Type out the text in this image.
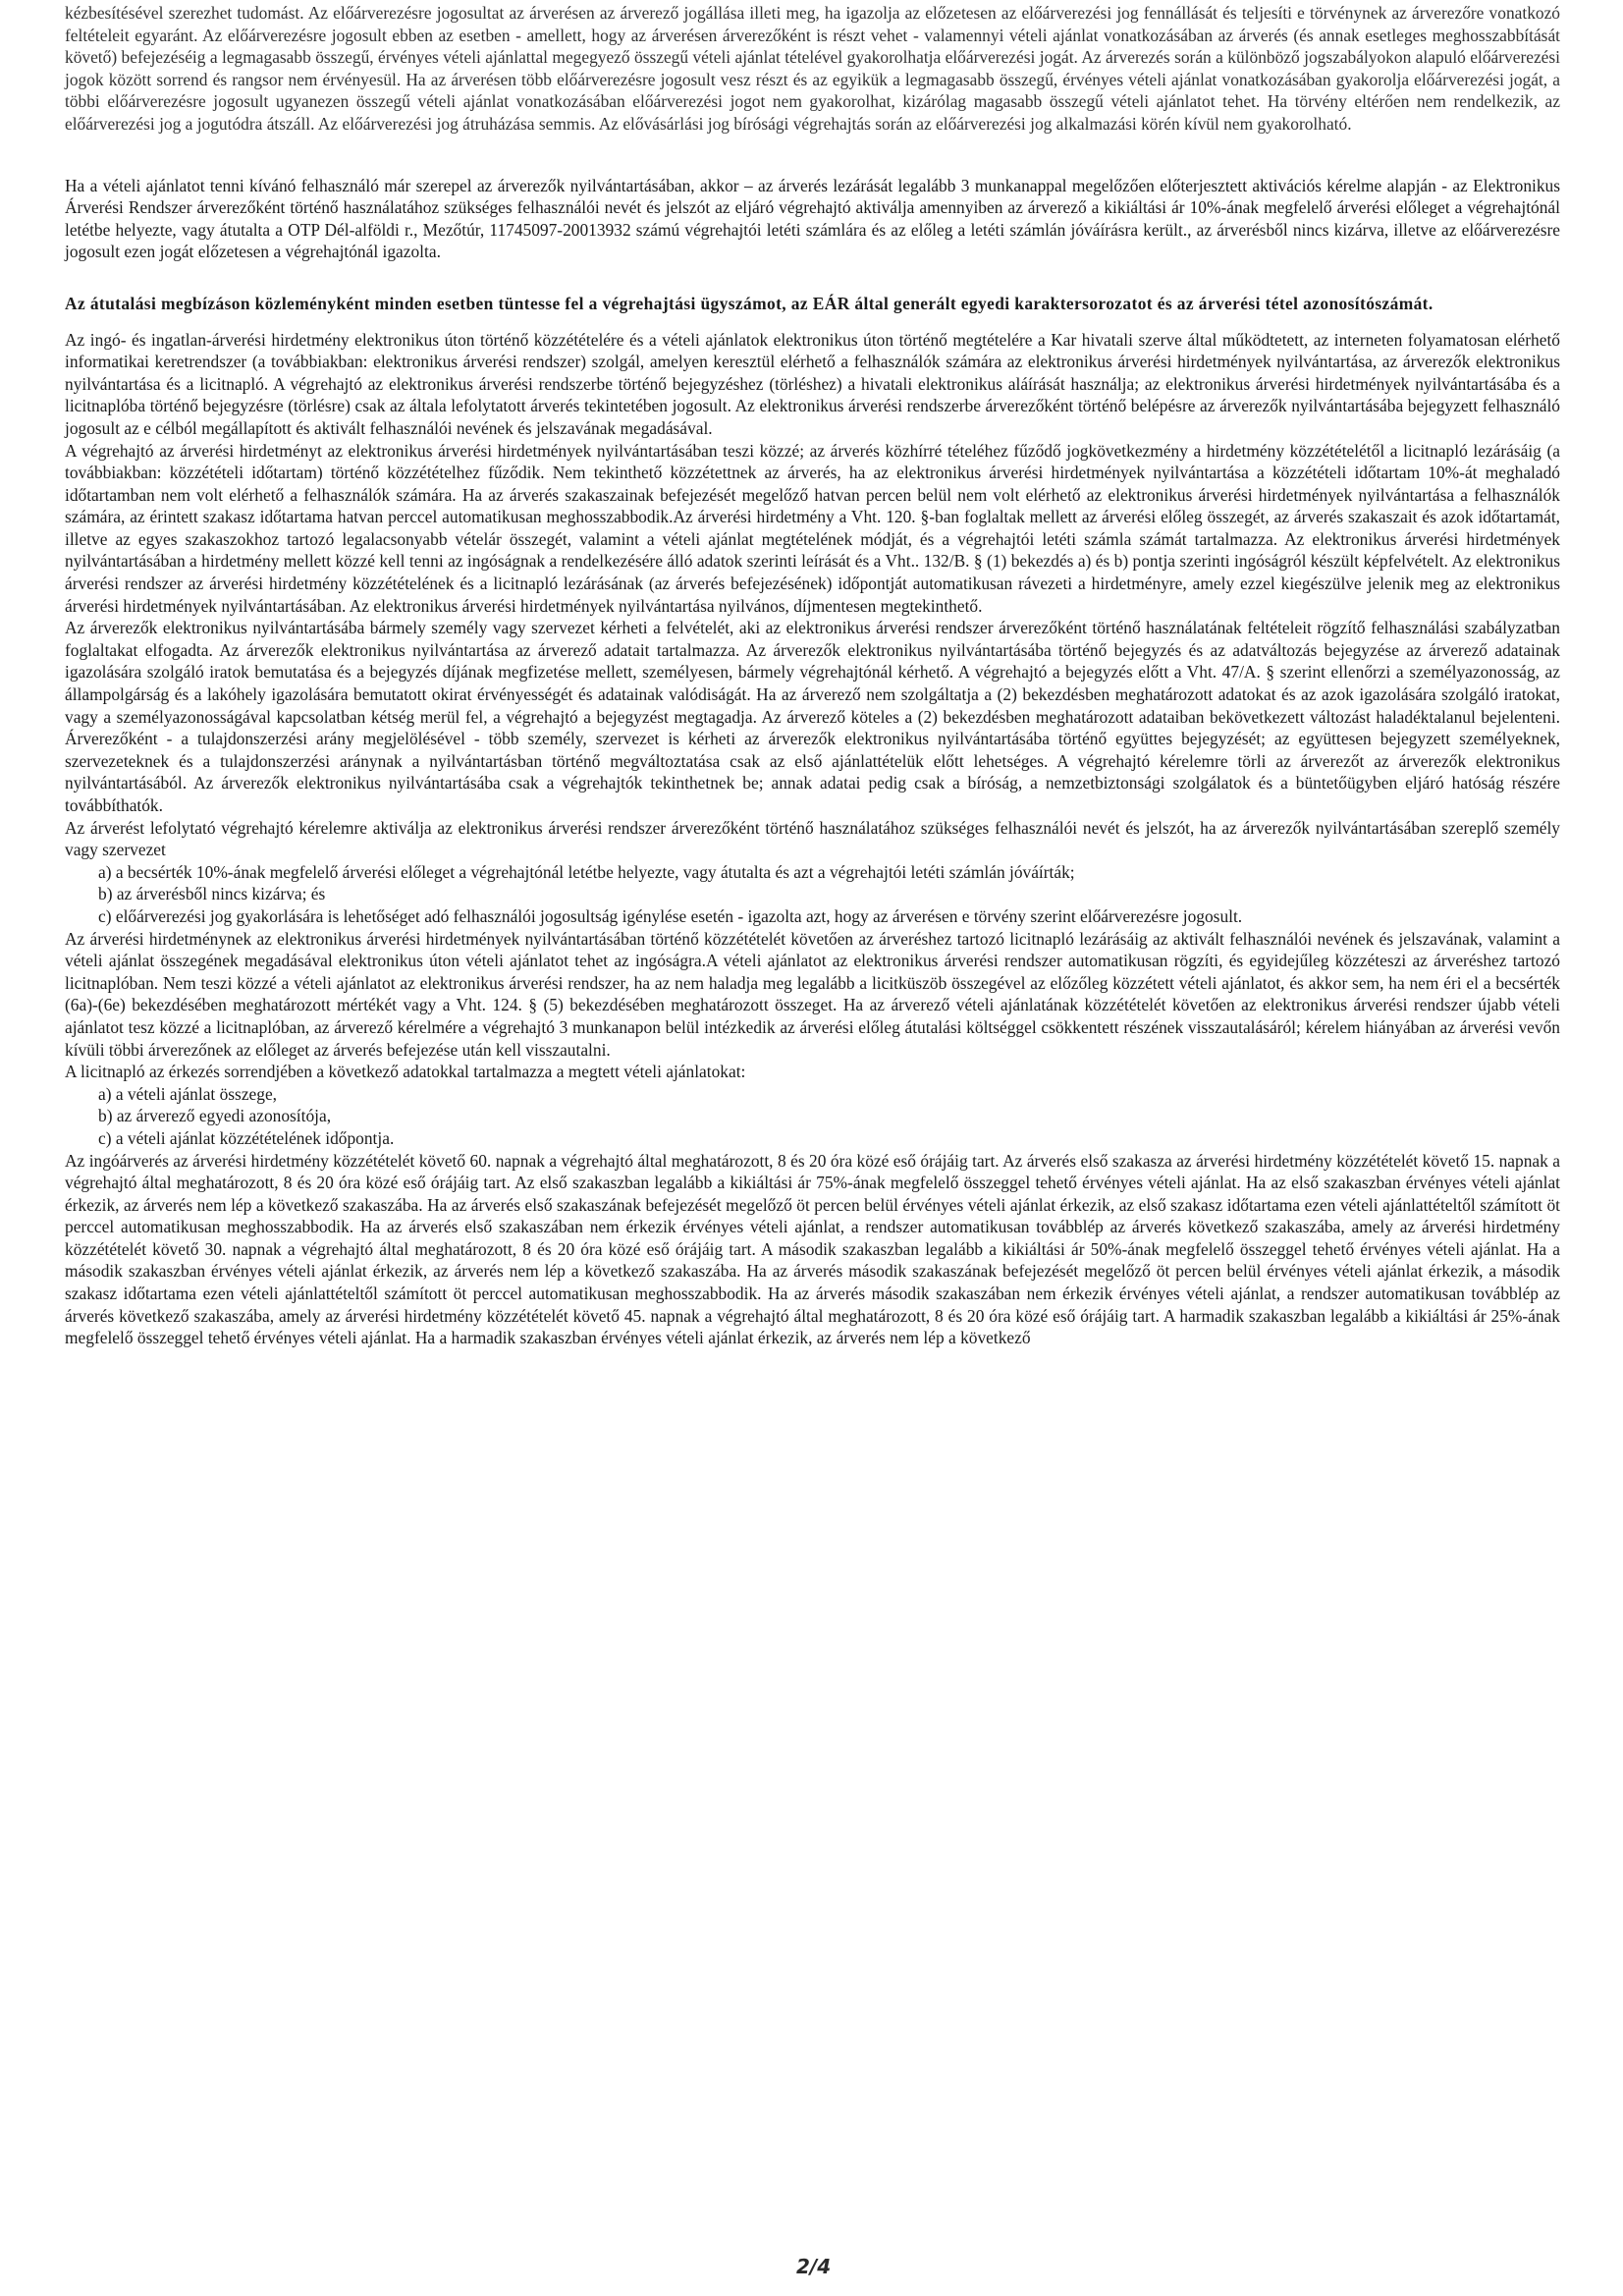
kézbesítésével szerezhet tudomást. Az előárverezésre jogosultat az árverésen az árverező jogállása illeti meg, ha igazolja az előzetesen az előárverezési jog fennállását és teljesíti e törvénynek az árverezőre vonatkozó feltételeit egyaránt. Az előárverezésre jogosult ebben az esetben - amellett, hogy az árverésen árverezőként is részt vehet - valamennyi vételi ajánlat vonatkozásában az árverés (és annak esetleges meghosszabbítását követő) befejezéséig a legmagasabb összegű, érvényes vételi ajánlattal megegyező összegű vételi ajánlat tételével gyakorolhatja előárverezési jogát. Az árverezés során a különböző jogszabályokon alapuló előárverezési jogok között sorrend és rangsor nem érvényesül. Ha az árverésen több előárverezésre jogosult vesz részt és az egyikük a legmagasabb összegű, érvényes vételi ajánlat vonatkozásában gyakorolja előárverezési jogát, a többi előárverezésre jogosult ugyanezen összegű vételi ajánlat vonatkozásában előárverezési jogot nem gyakorolhat, kizárólag magasabb összegű vételi ajánlatot tehet. Ha törvény eltérően nem rendelkezik, az előárverezési jog a jogutódra átszáll. Az előárverezési jog átruházása semmis. Az elővásárlási jog bírósági végrehajtás során az előárverezési jog alkalmazási körén kívül nem gyakorolható.

Ha a vételi ajánlatot tenni kívánó felhasználó már szerepel az árverezők nyilvántartásában, akkor – az árverés lezárását legalább 3 munkanappal megelőzően előterjesztett aktivációs kérelme alapján - az Elektronikus Árverési Rendszer árverezőként történő használatához szükséges felhasználói nevét és jelszót az eljáró végrehajtó aktiválja amennyiben az árverező a kikiáltási ár 10%-ának megfelelő árverési előleget a végrehajtónál letétbe helyezte, vagy átutalta a OTP Dél-alföldi r., Mezőtúr, 11745097-20013932 számú végrehajtói letéti számlára és az előleg a letéti számlán jóváírásra került., az árverésből nincs kizárva, illetve az előárverezésre jogosult ezen jogát előzetesen a végrehajtónál igazolta.

Az átutalási megbízáson közleményként minden esetben tüntesse fel a végrehajtási ügyszámot, az EÁR által generált egyedi karaktersorozatot és az árverési tétel azonosítószámát.

Az ingó- és ingatlan-árverési hirdetmény elektronikus úton történő közzétételére és a vételi ajánlatok elektronikus úton történő megtételére a Kar hivatali szerve által működtetett, az interneten folyamatosan elérhető informatikai keretrendszer (a továbbiakban: elektronikus árverési rendszer) szolgál, amelyen keresztül elérhető a felhasználók számára az elektronikus árverési hirdetmények nyilvántartása, az árverezők elektronikus nyilvántartása és a licitnapló. A végrehajtó az elektronikus árverési rendszerbe történő bejegyzéshez (törléshez) a hivatali elektronikus aláírását használja; az elektronikus árverési hirdetmények nyilvántartásába és a licitnaplóba történő bejegyzésre (törlésre) csak az általa lefolytatott árverés tekintetében jogosult. Az elektronikus árverési rendszerbe árverezőként történő belépésre az árverezők nyilvántartásába bejegyzett felhasználó jogosult az e célból megállapított és aktivált felhasználói nevének és jelszavának megadásával.

A végrehajtó az árverési hirdetményt az elektronikus árverési hirdetmények nyilvántartásában teszi közzé; az árverés közhírré tételéhez fűződő jogkövetkezmény a hirdetmény közzétételétől a licitnapló lezárásáig (a továbbiakban: közzétételi időtartam) történő közzétételhez fűződik. Nem tekinthető közzétettnek az árverés, ha az elektronikus árverési hirdetmények nyilvántartása a közzétételi időtartam 10%-át meghaladó időtartamban nem volt elérhető a felhasználók számára. Ha az árverés szakaszainak befejezését megelőző hatvan percen belül nem volt elérhető az elektronikus árverési hirdetmények nyilvántartása a felhasználók számára, az érintett szakasz időtartama hatvan perccel automatikusan meghosszabbodik.Az árverési hirdetmény a Vht. 120. §-ban foglaltak mellett az árverési előleg összegét, az árverés szakaszait és azok időtartamát, illetve az egyes szakaszokhoz tartozó legalacsonyabb vételár összegét, valamint a vételi ajánlat megtételének módját, és a végrehajtói letéti számla számát tartalmazza. Az elektronikus árverési hirdetmények nyilvántartásában a hirdetmény mellett közzé kell tenni az ingóságnak a rendelkezésére álló adatok szerinti leírását és a Vht.. 132/B. § (1) bekezdés a) és b) pontja szerinti ingóságról készült képfelvételt. Az elektronikus árverési rendszer az árverési hirdetmény közzétételének és a licitnapló lezárásának (az árverés befejezésének) időpontját automatikusan rávezeti a hirdetményre, amely ezzel kiegészülve jelenik meg az elektronikus árverési hirdetmények nyilvántartásában. Az elektronikus árverési hirdetmények nyilvántartása nyilvános, díjmentesen megtekinthető.

Az árverezők elektronikus nyilvántartásába bármely személy vagy szervezet kérheti a felvételét, aki az elektronikus árverési rendszer árverezőként történő használatának feltételeit rögzítő felhasználási szabályzatban foglaltakat elfogadta. Az árverezők elektronikus nyilvántartása az árverező adatait tartalmazza. Az árverezők elektronikus nyilvántartásába történő bejegyzés és az adatváltozás bejegyzése az árverező adatainak igazolására szolgáló iratok bemutatása és a bejegyzés díjának megfizetése mellett, személyesen, bármely végrehajtónál kérhető. A végrehajtó a bejegyzés előtt a Vht. 47/A. § szerint ellenőrzi a személyazonosság, az állampolgárság és a lakóhely igazolására bemutatott okirat érvényességét és adatainak valódiságát. Ha az árverező nem szolgáltatja a (2) bekezdésben meghatározott adatokat és az azok igazolására szolgáló iratokat, vagy a személyazonosságával kapcsolatban kétség merül fel, a végrehajtó a bejegyzést megtagadja. Az árverező köteles a (2) bekezdésben meghatározott adataiban bekövetkezett változást haladéktalanul bejelenteni. Árverezőként - a tulajdonszerzési arány megjelölésével - több személy, szervezet is kérheti az árverezők elektronikus nyilvántartásába történő együttes bejegyzését; az együttesen bejegyzett személyeknek, szervezeteknek és a tulajdonszerzési aránynak a nyilvántartásban történő megváltoztatása csak az első ajánlattételük előtt lehetséges. A végrehajtó kérelemre törli az árverezőt az árverezők elektronikus nyilvántartásából. Az árverezők elektronikus nyilvántartásába csak a végrehajtók tekinthetnek be; annak adatai pedig csak a bíróság, a nemzetbiztonsági szolgálatok és a büntetőügyben eljáró hatóság részére továbbíthatók.

Az árverést lefolytató végrehajtó kérelemre aktiválja az elektronikus árverési rendszer árverezőként történő használatához szükséges felhasználói nevét és jelszót, ha az árverezők nyilvántartásában szereplő személy vagy szervezet

a) a becsérték 10%-ának megfelelő árverési előleget a végrehajtónál letétbe helyezte, vagy átutalta és azt a végrehajtói letéti számlán jóváírták;

b) az árverésből nincs kizárva; és

c) előárverezési jog gyakorlására is lehetőséget adó felhasználói jogosultság igénylése esetén - igazolta azt, hogy az árverésen e törvény szerint előárverezésre jogosult.

Az árverési hirdetménynek az elektronikus árverési hirdetmények nyilvántartásában történő közzétételét követően az árveréshez tartozó licitnapló lezárásáig az aktivált felhasználói nevének és jelszavának, valamint a vételi ajánlat összegének megadásával elektronikus úton vételi ajánlatot tehet az ingóságra.A vételi ajánlatot az elektronikus árverési rendszer automatikusan rögzíti, és egyidejűleg közzéteszi az árveréshez tartozó licitnaplóban. Nem teszi közzé a vételi ajánlatot az elektronikus árverési rendszer, ha az nem haladja meg legalább a licitküszöb összegével az előzőleg közzétett vételi ajánlatot, és akkor sem, ha nem éri el a becsérték (6a)-(6e) bekezdésében meghatározott mértékét vagy a Vht. 124. § (5) bekezdésében meghatározott összeget. Ha az árverező vételi ajánlatának közzétételét követően az elektronikus árverési rendszer újabb vételi ajánlatot tesz közzé a licitnaplóban, az árverező kérelmére a végrehajtó 3 munkanapon belül intézkedik az árverési előleg átutalási költséggel csökkentett részének visszautalásáról; kérelem hiányában az árverési vevőn kívüli többi árverezőnek az előleget az árverés befejezése után kell visszautalni.

A licitnapló az érkezés sorrendjében a következő adatokkal tartalmazza a megtett vételi ajánlatokat:

a) a vételi ajánlat összege,

b) az árverező egyedi azonosítója,

c) a vételi ajánlat közzétételének időpontja.

Az ingóárverés az árverési hirdetmény közzétételét követő 60. napnak a végrehajtó által meghatározott, 8 és 20 óra közé eső órájáig tart. Az árverés első szakasza az árverési hirdetmény közzétételét követő 15. napnak a végrehajtó által meghatározott, 8 és 20 óra közé eső órájáig tart. Az első szakaszban legalább a kikiáltási ár 75%-ának megfelelő összeggel tehető érvényes vételi ajánlat. Ha az első szakaszban érvényes vételi ajánlat érkezik, az árverés nem lép a következő szakaszába. Ha az árverés első szakaszának befejezését megelőző öt percen belül érvényes vételi ajánlat érkezik, az első szakasz időtartama ezen vételi ajánlattételtől számított öt perccel automatikusan meghosszabbodik. Ha az árverés első szakaszában nem érkezik érvényes vételi ajánlat, a rendszer automatikusan továbblép az árverés következő szakaszába, amely az árverési hirdetmény közzétételét követő 30. napnak a végrehajtó által meghatározott, 8 és 20 óra közé eső órájáig tart. A második szakaszban legalább a kikiáltási ár 50%-ának megfelelő összeggel tehető érvényes vételi ajánlat. Ha a második szakaszban érvényes vételi ajánlat érkezik, az árverés nem lép a következő szakaszába. Ha az árverés második szakaszának befejezését megelőző öt percen belül érvényes vételi ajánlat érkezik, a második szakasz időtartama ezen vételi ajánlattételtől számított öt perccel automatikusan meghosszabbodik. Ha az árverés második szakaszában nem érkezik érvényes vételi ajánlat, a rendszer automatikusan továbblép az árverés következő szakaszába, amely az árverési hirdetmény közzétételét követő 45. napnak a végrehajtó által meghatározott, 8 és 20 óra közé eső órájáig tart. A harmadik szakaszban legalább a kikiáltási ár 25%-ának megfelelő összeggel tehető érvényes vételi ajánlat. Ha a harmadik szakaszban érvényes vételi ajánlat érkezik, az árverés nem lép a következő

2/4
